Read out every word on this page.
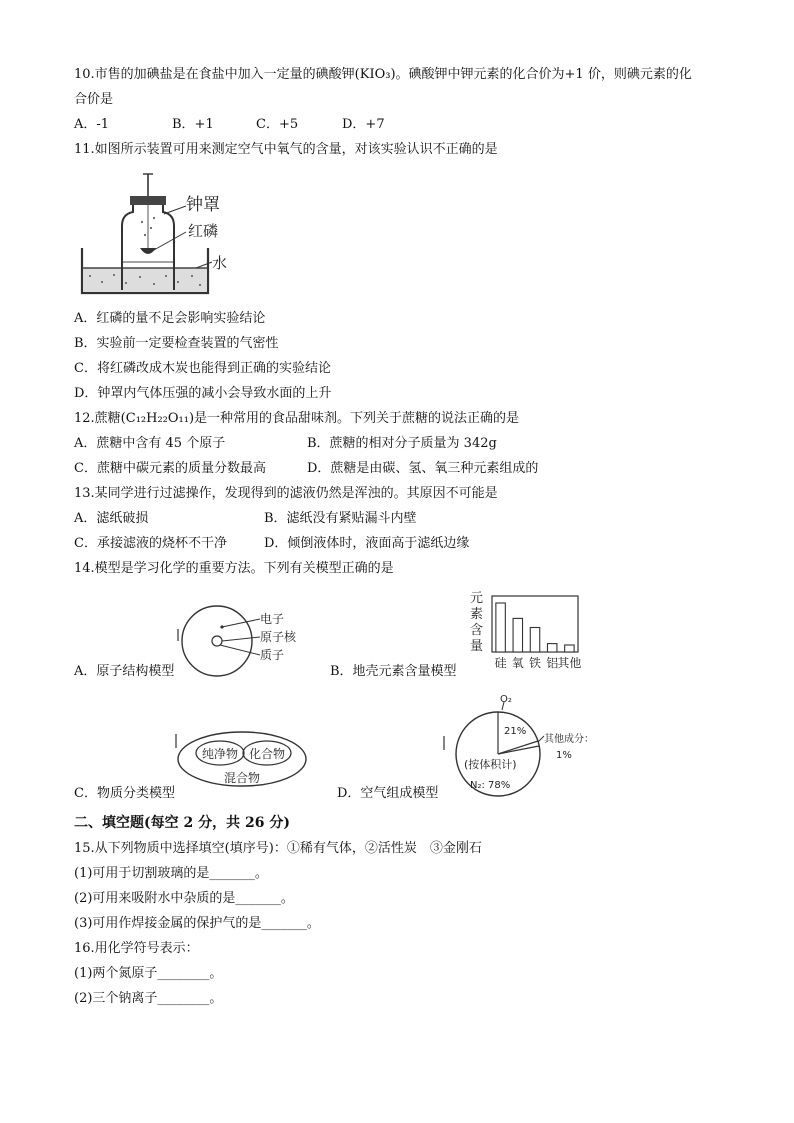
10.市售的加碘盐是在食盐中加入一定量的碘酸钾(KIO₃)。碘酸钾中钾元素的化合价为+1 价，则碘元素的化
合价是
A．-1	B．+1	C．+5	D．+7
11.如图所示装置可用来测定空气中氧气的含量，对该实验认识不正确的是
钟罩
红磷
水
A．红磷的量不足会影响实验结论
B．实验前一定要检查装置的气密性
C．将红磷改成木炭也能得到正确的实验结论
D．钟罩内气体压强的减小会导致水面的上升
12.蔗糖(C₁₂H₂₂O₁₁)是一种常用的食品甜味剂。下列关于蔗糖的说法正确的是
A．蔗糖中含有 45 个原子	B．蔗糖的相对分子质量为 342g
C．蔗糖中碳元素的质量分数最高	D．蔗糖是由碳、氢、氧三种元素组成的
13.某同学进行过滤操作，发现得到的滤液仍然是浑浊的。其原因不可能是
A．滤纸破损	B．滤纸没有紧贴漏斗内壁
C．承接滤液的烧杯不干净	D．倾倒液体时，液面高于滤纸边缘
14.模型是学习化学的重要方法。下列有关模型正确的是
电子
原子核
质子
A．原子结构模型
元
素
含
量
硅 氧 铁 铝 其他
B．地壳元素含量模型
纯净物 化合物
混合物
C．物质分类模型
O₂
21%
其他成分：
1%
(按体积计)
N₂: 78%
D．空气组成模型
二、填空题(每空 2 分，共 26 分)
15.从下列物质中选择填空(填序号)：①稀有气体，②活性炭　③金刚石
(1)可用于切割玻璃的是_______。
(2)可用来吸附水中杂质的是_______。
(3)可用作焊接金属的保护气的是_______。
16.用化学符号表示：
(1)两个氮原子________。
(2)三个钠离子________。
